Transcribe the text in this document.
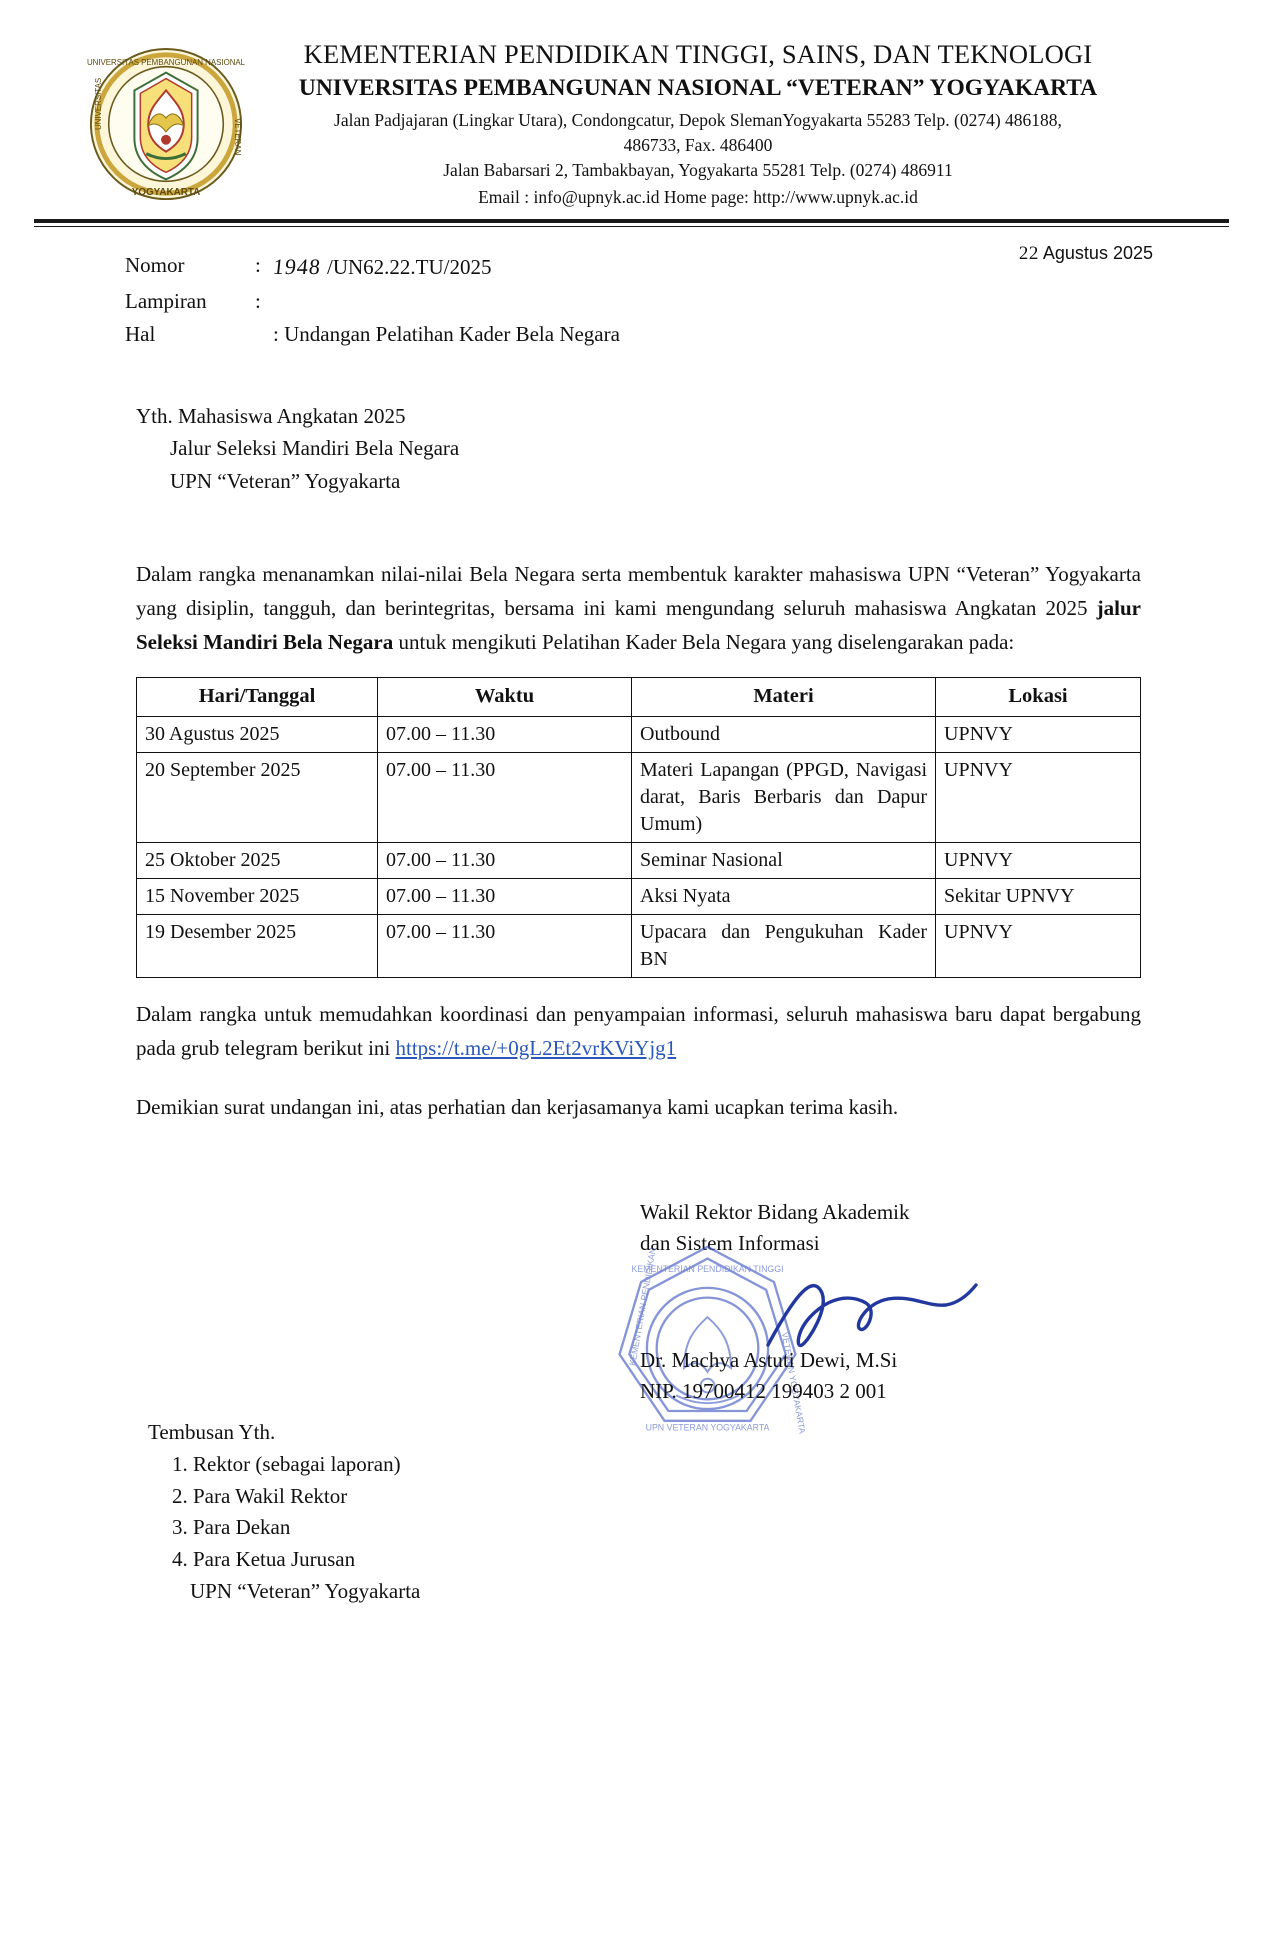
UNIVERSITAS PEMBANGUNAN NASIONAL
YOGYAKARTA
UNIVERSITAS
VETERAN
KEMENTERIAN PENDIDIKAN TINGGI, SAINS, DAN TEKNOLOGI
UNIVERSITAS PEMBANGUNAN NASIONAL “VETERAN” YOGYAKARTA
Jalan Padjajaran (Lingkar Utara), Condongcatur, Depok SlemanYogyakarta 55283 Telp. (0274) 486188,
486733, Fax. 486400
Jalan Babarsari 2, Tambakbayan, Yogyakarta 55281 Telp. (0274) 486911
Email : info@upnyk.ac.id Home page: http://www.upnyk.ac.id
22 Agustus 2025
Nomor	:	1948 /UN62.22.TU/2025
Lampiran	:	
Hal		: Undangan Pelatihan Kader Bela Negara
Yth. Mahasiswa Angkatan 2025
Jalur Seleksi Mandiri Bela Negara
UPN “Veteran” Yogyakarta
Dalam rangka menanamkan nilai-nilai Bela Negara serta membentuk karakter mahasiswa UPN “Veteran” Yogyakarta yang disiplin, tangguh, dan berintegritas, bersama ini kami mengundang seluruh mahasiswa Angkatan 2025 jalur Seleksi Mandiri Bela Negara untuk mengikuti Pelatihan Kader Bela Negara yang diselengarakan pada:
Hari/Tanggal	Waktu	Materi	Lokasi
30 Agustus 2025	07.00 – 11.30	Outbound	UPNVY
20 September 2025	07.00 – 11.30	Materi Lapangan (PPGD, Navigasi darat, Baris Berbaris dan Dapur Umum)	UPNVY
25 Oktober 2025	07.00 – 11.30	Seminar Nasional	UPNVY
15 November 2025	07.00 – 11.30	Aksi Nyata	Sekitar UPNVY
19 Desember 2025	07.00 – 11.30	Upacara dan Pengukuhan Kader BN	UPNVY
Dalam rangka untuk memudahkan koordinasi dan penyampaian informasi, seluruh mahasiswa baru dapat bergabung pada grub telegram berikut ini https://t.me/+0gL2Et2vrKViYjg1
Demikian surat undangan ini, atas perhatian dan kerjasamanya kami ucapkan terima kasih.
Wakil Rektor Bidang Akademik
dan Sistem Informasi
KEMENTERIAN PENDIDIKAN TINGGI
KEMENTERIAN PENDIDIKAN
VETERAN YOGYAKARTA
UPN VETERAN YOGYAKARTA
Dr. Machya Astuti Dewi, M.Si
NIP. 19700412 199403 2 001
Tembusan Yth.
1. Rektor (sebagai laporan)
2. Para Wakil Rektor
3. Para Dekan
4. Para Ketua Jurusan
UPN “Veteran” Yogyakarta
